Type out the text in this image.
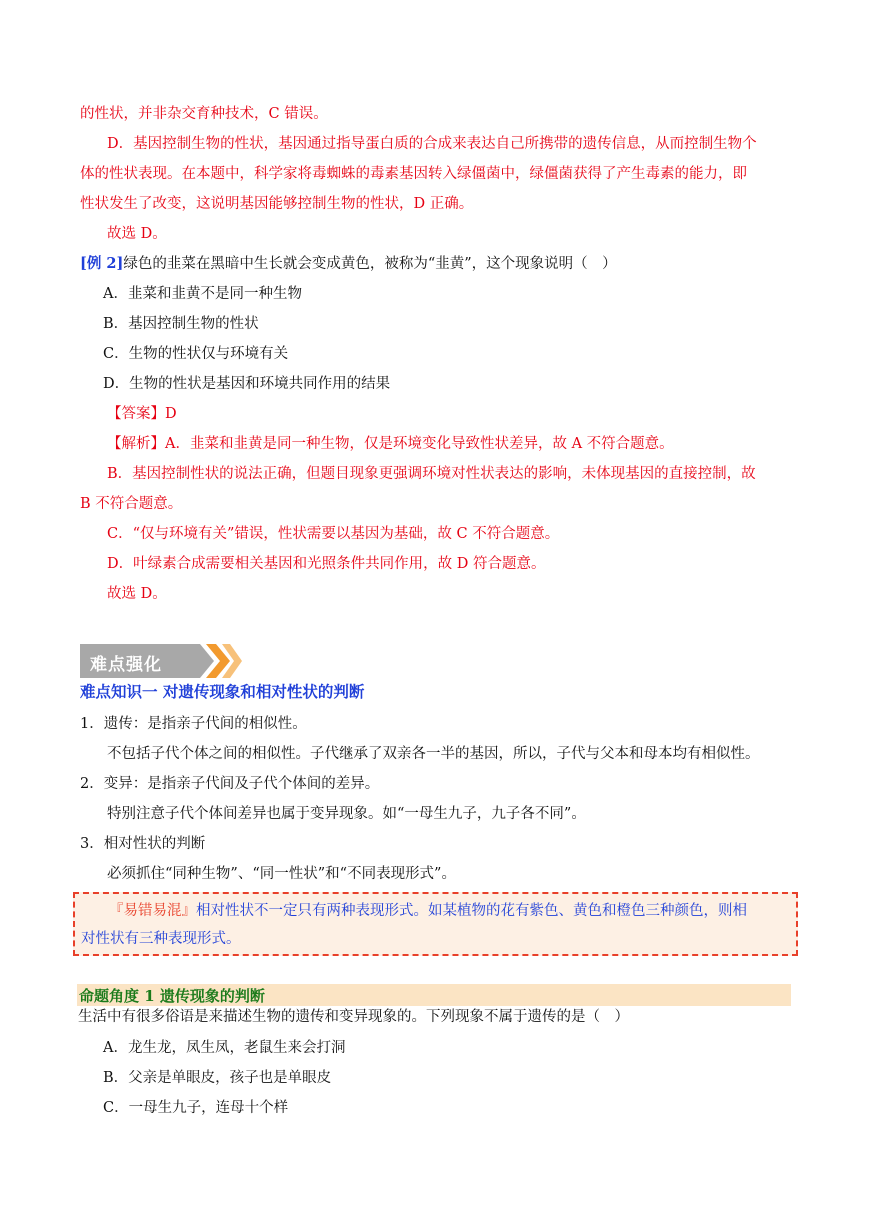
的性状，并非杂交育种技术，C 错误。
D．基因控制生物的性状，基因通过指导蛋白质的合成来表达自己所携带的遗传信息，从而控制生物个
体的性状表现。在本题中，科学家将毒蜘蛛的毒素基因转入绿僵菌中，绿僵菌获得了产生毒素的能力，即
性状发生了改变，这说明基因能够控制生物的性状，D 正确。
故选 D。
[例 2]绿色的韭菜在黑暗中生长就会变成黄色，被称为“韭黄”，这个现象说明（　）
A．韭菜和韭黄不是同一种生物
B．基因控制生物的性状
C．生物的性状仅与环境有关
D．生物的性状是基因和环境共同作用的结果
【答案】D
【解析】A．韭菜和韭黄是同一种生物，仅是环境变化导致性状差异，故 A 不符合题意。
B．基因控制性状的说法正确，但题目现象更强调环境对性状表达的影响，未体现基因的直接控制，故
B 不符合题意。
C．“仅与环境有关”错误，性状需要以基因为基础，故 C 不符合题意。
D．叶绿素合成需要相关基因和光照条件共同作用，故 D 符合题意。
故选 D。
难点强化
难点知识一 对遗传现象和相对性状的判断
1．遗传：是指亲子代间的相似性。
不包括子代个体之间的相似性。子代继承了双亲各一半的基因，所以，子代与父本和母本均有相似性。
2．变异：是指亲子代间及子代个体间的差异。
特别注意子代个体间差异也属于变异现象。如“一母生九子，九子各不同”。
3．相对性状的判断
必须抓住“同种生物”、“同一性状”和“不同表现形式”。
『易错易混』相对性状不一定只有两种表现形式。如某植物的花有紫色、黄色和橙色三种颜色，则相
对性状有三种表现形式。
命题角度 1 遗传现象的判断
生活中有很多俗语是来描述生物的遗传和变异现象的。下列现象不属于遗传的是（　）
A．龙生龙，凤生凤，老鼠生来会打洞
B．父亲是单眼皮，孩子也是单眼皮
C．一母生九子，连母十个样
